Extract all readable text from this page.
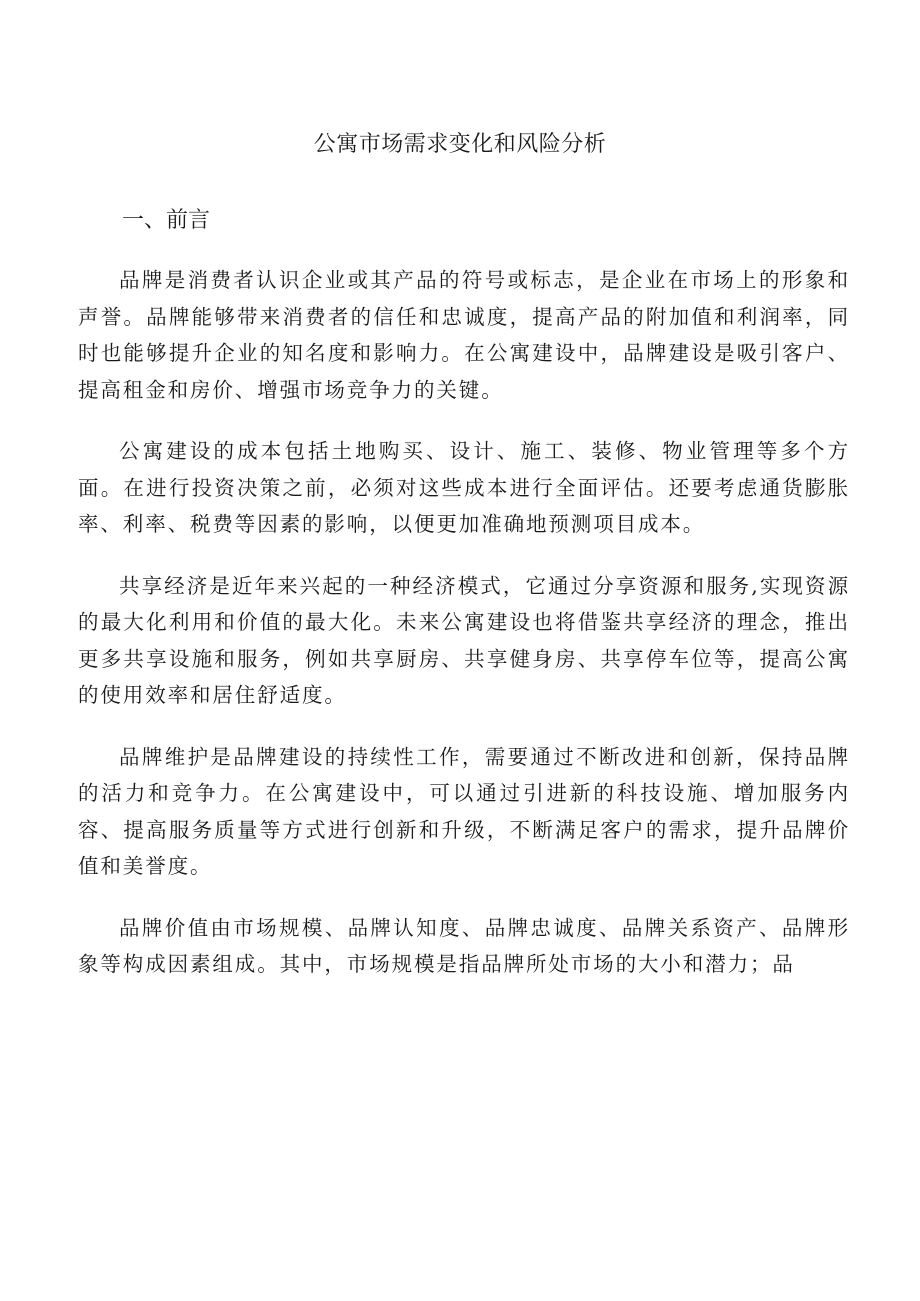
公寓市场需求变化和风险分析
一、前言

品牌是消费者认识企业或其产品的符号或标志，是企业在市场上的形象和声誉。品牌能够带来消费者的信任和忠诚度，提高产品的附加值和利润率，同时也能够提升企业的知名度和影响力。在公寓建设中，品牌建设是吸引客户、提高租金和房价、增强市场竞争力的关键。

公寓建设的成本包括土地购买、设计、施工、装修、物业管理等多个方面。在进行投资决策之前，必须对这些成本进行全面评估。还要考虑通货膨胀率、利率、税费等因素的影响，以便更加准确地预测项目成本。

共享经济是近年来兴起的一种经济模式，它通过分享资源和服务,实现资源的最大化利用和价值的最大化。未来公寓建设也将借鉴共享经济的理念，推出更多共享设施和服务，例如共享厨房、共享健身房、共享停车位等，提高公寓的使用效率和居住舒适度。

品牌维护是品牌建设的持续性工作，需要通过不断改进和创新，保持品牌的活力和竞争力。在公寓建设中，可以通过引进新的科技设施、增加服务内容、提高服务质量等方式进行创新和升级，不断满足客户的需求，提升品牌价值和美誉度。

品牌价值由市场规模、品牌认知度、品牌忠诚度、品牌关系资产、品牌形象等构成因素组成。其中，市场规模是指品牌所处市场的大小和潜力；品
